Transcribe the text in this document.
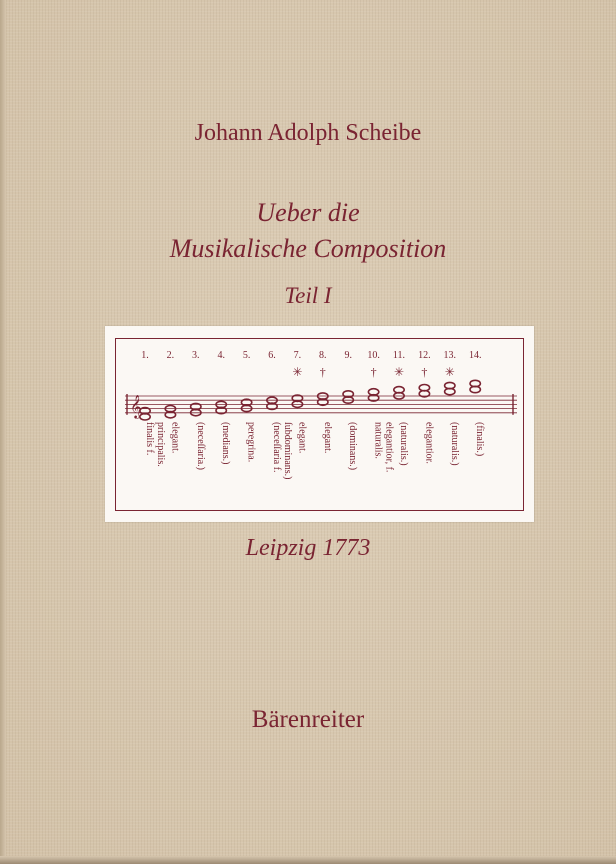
Johann Adolph Scheibe
Ueber die
Musikalische Composition
Teil I
𝄞
1. 2. 3. 4. 5. 6. 7. 8. 9. 10. 11. 12. 13. 14.
✳ †	† ✳ † ✳
finalis f. principalis. elegant. (neceſſaria.) (medians.) peregrina. (neceſſaria f. ſubdominans.) elegant. elegant. (dominans.) naturalis. elegantior, f. (naturalis.) elegantior. (naturalis.) (finalis.)
Leipzig 1773
Bärenreiter
